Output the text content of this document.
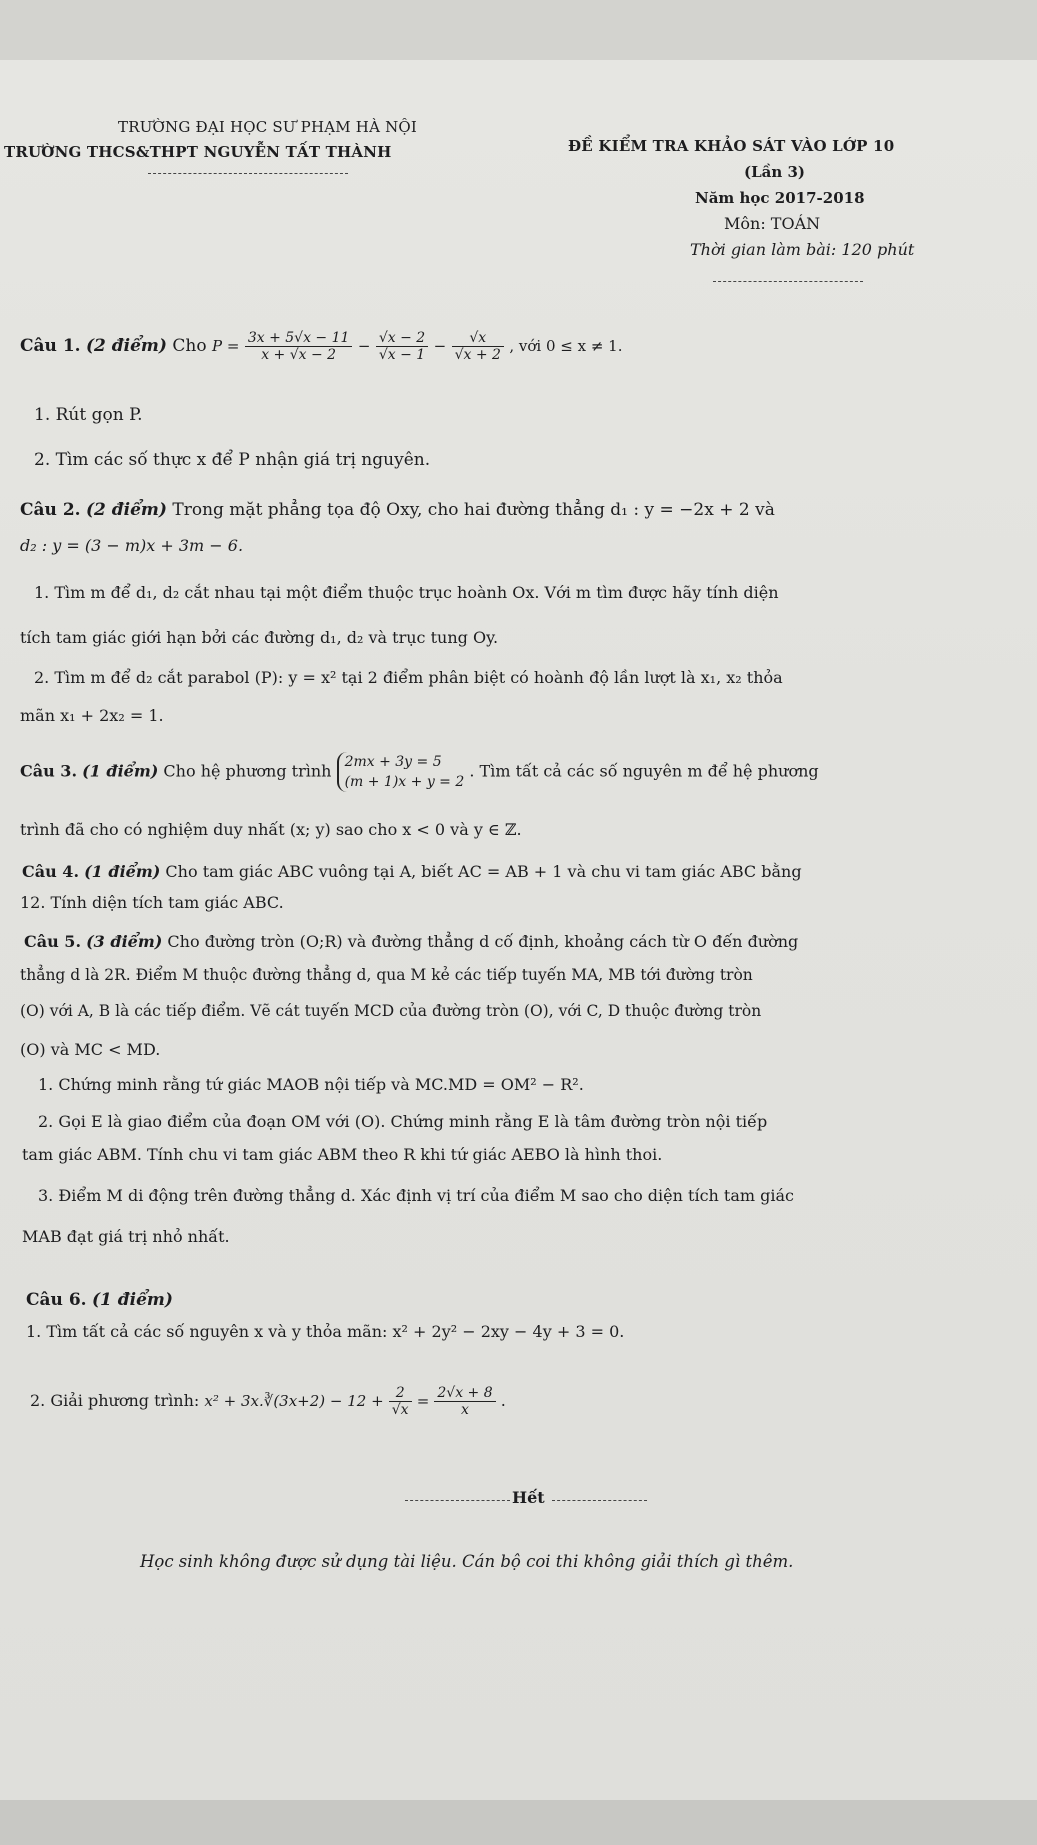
TRƯỜNG ĐẠI HỌC SƯ PHẠM HÀ NỘI
TRƯỜNG THCS&THPT NGUYỄN TẤT THÀNH	ĐỀ KIỂM TRA KHẢO SÁT VÀO LỚP 10
(Lần 3)
Năm học 2017-2018
Môn: TOÁN
Thời gian làm bài: 120 phút
Câu 1. (2 điểm) Cho $P = \frac{3x + 5√x - 11}{x + √x - 2} - \frac{√x - 2}{√x - 1} - \frac{√x}{√x + 2}$ , với 0 ≤ x ≠ 1.
1. Rút gọn P.
2. Tìm các số thực x để P nhận giá trị nguyên.
Câu 2. (2 điểm) Trong mặt phẳng tọa độ Oxy, cho hai đường thẳng d₁ : y = −2x + 2 và
d₂ : y = (3 − m)x + 3m − 6.
1. Tìm m để d₁, d₂ cắt nhau tại một điểm thuộc trục hoành Ox. Với m tìm được hãy tính diện
tích tam giác giới hạn bởi các đường d₁, d₂ và trục tung Oy.
2. Tìm m để d₂ cắt parabol (P): y = x² tại 2 điểm phân biệt có hoành độ lần lượt là x₁, x₂ thỏa
mãn x₁ + 2x₂ = 1.
Câu 3. (1 điểm) Cho hệ phương trình 2mx + 3y = 5
(m + 1)x + y = 2
. Tìm tất cả các số nguyên m để hệ phương
trình đã cho có nghiệm duy nhất (x; y) sao cho x < 0 và y ∈ ℤ.
Câu 4. (1 điểm) Cho tam giác ABC vuông tại A, biết AC = AB + 1 và chu vi tam giác ABC bằng
12. Tính diện tích tam giác ABC.
Câu 5. (3 điểm) Cho đường tròn (O;R) và đường thẳng d cố định, khoảng cách từ O đến đường
thẳng d là 2R. Điểm M thuộc đường thẳng d, qua M kẻ các tiếp tuyến MA, MB tới đường tròn
(O) với A, B là các tiếp điểm. Vẽ cát tuyến MCD của đường tròn (O), với C, D thuộc đường tròn
(O) và MC < MD.
1. Chứng minh rằng tứ giác MAOB nội tiếp và MC.MD = OM² − R².
2. Gọi E là giao điểm của đoạn OM với (O). Chứng minh rằng E là tâm đường tròn nội tiếp
tam giác ABM. Tính chu vi tam giác ABM theo R khi tứ giác AEBO là hình thoi.
3. Điểm M di động trên đường thẳng d. Xác định vị trí của điểm M sao cho diện tích tam giác
MAB đạt giá trị nhỏ nhất.
Câu 6. (1 điểm)
1. Tìm tất cả các số nguyên x và y thỏa mãn: x² + 2y² − 2xy − 4y + 3 = 0.
2. Giải phương trình: x² + 3x.∛(3x+2) − $12 + \frac{2}{√x} = \frac{2√x + 8}{x}$ .
Hết
Học sinh không được sử dụng tài liệu. Cán bộ coi thi không giải thích gì thêm.
